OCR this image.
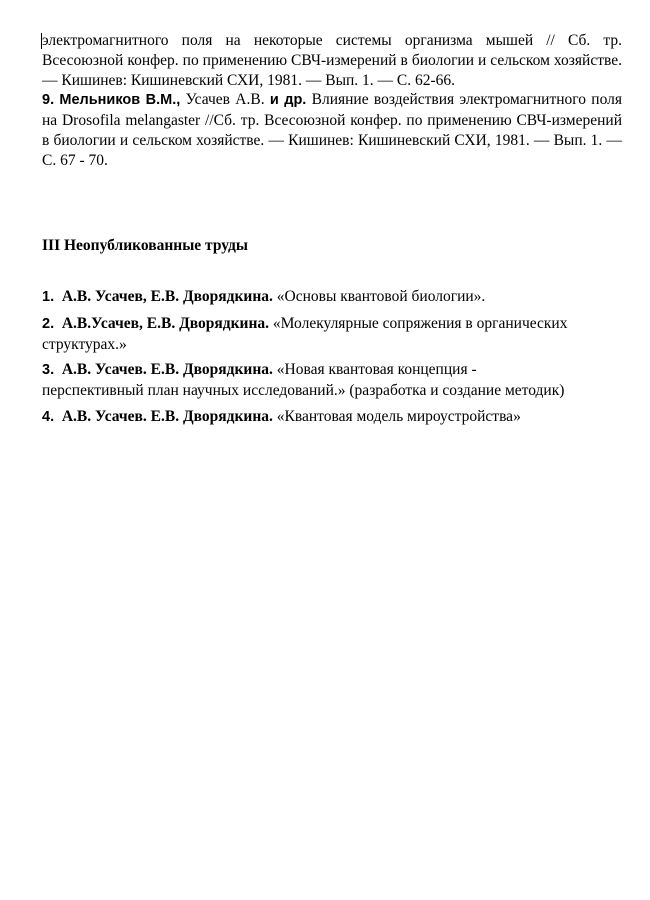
электромагнитного поля на некоторые системы организма мышей // Сб. тр. Всесоюзной конфер. по применению СВЧ-измерений в биологии и сельском хозяйстве. — Кишинев: Кишиневский СХИ, 1981. — Вып. 1. — С. 62-66.

9. Мельников В.М., Усачев А.В. и др. Влияние воздействия электромагнитного поля на Drosofila melangaster //Сб. тр. Всесоюзной конфер. по применению СВЧ-измерений в биологии и сельском хозяйстве. — Кишинев: Кишиневский СХИ, 1981. — Вып. 1. — С. 67 - 70.

III Неопубликованные труды

1. А.В. Усачев, Е.В. Дворядкина. «Основы квантовой биологии».

2. А.В.Усачев, Е.В. Дворядкина. «Молекулярные сопряжения в органических структурах.»

3. А.В. Усачев. Е.В. Дворядкина. «Новая квантовая концепция - перспективный план научных исследований.» (разработка и создание методик)

4. А.В. Усачев. Е.В. Дворядкина. «Квантовая модель мироустройства»
